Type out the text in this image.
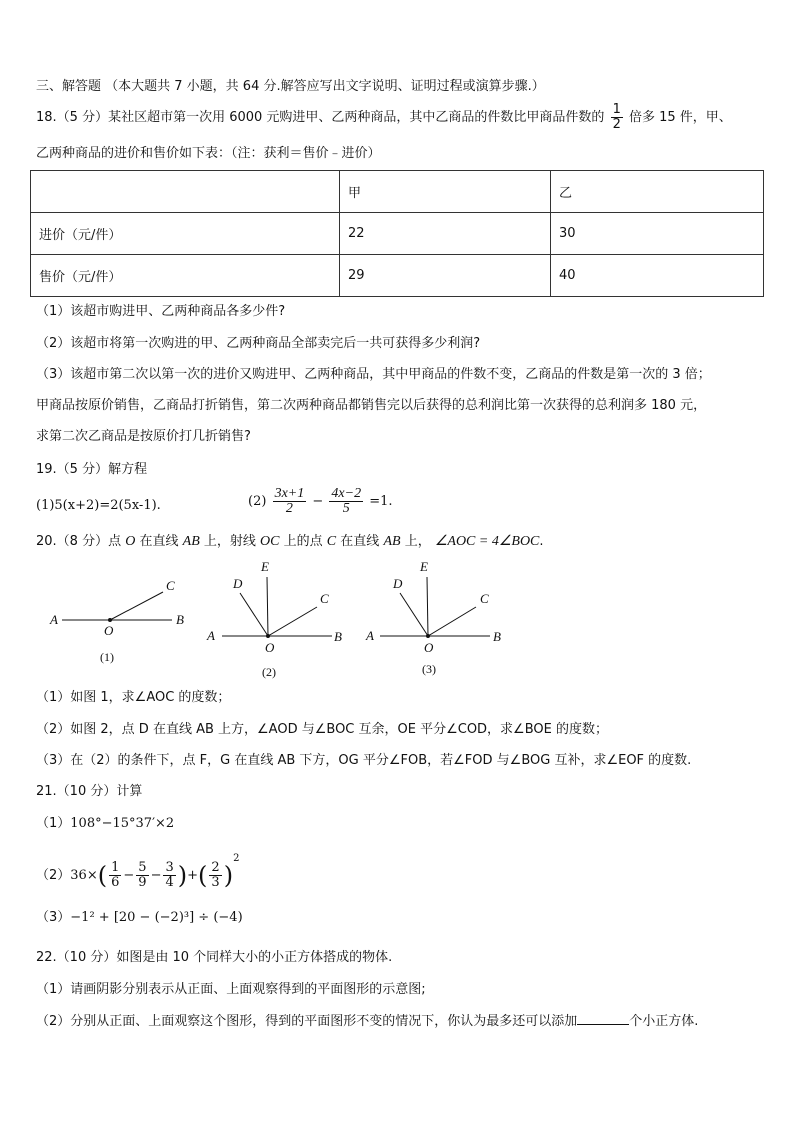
三、解答题 （本大题共 7 小题，共 64 分.解答应写出文字说明、证明过程或演算步骤.）
18.（5 分）某社区超市第一次用 6000 元购进甲、乙两种商品，其中乙商品的件数比甲商品件数的 $\frac{1}{2}$ 倍多 15 件，甲、
乙两种商品的进价和售价如下表：（注：获利＝售价﹣进价）
	甲	乙
进价（元/件）	22	30
售价（元/件）	29	40
（1）该超市购进甲、乙两种商品各多少件?
（2）该超市将第一次购进的甲、乙两种商品全部卖完后一共可获得多少利润?
（3）该超市第二次以第一次的进价又购进甲、乙两种商品，其中甲商品的件数不变，乙商品的件数是第一次的 3 倍；
甲商品按原价销售，乙商品打折销售，第二次两种商品都销售完以后获得的总利润比第一次获得的总利润多 180 元，
求第二次乙商品是按原价打几折销售?
19.（5 分）解方程
(1)5(x+2)=2(5x-1).	$(2) \frac{3x+1}{2} - \frac{4x-2}{5} =1$.
20.（8 分）点 O 在直线 AB 上，射线 OC 上的点 C 在直线 AB 上， ∠AOC = 4∠BOC.
A	B
C
O
(1)
A	B
D
E
C
O
(2)
A	B
D
E
C
O
(3)
（1）如图 1，求∠AOC 的度数；
（2）如图 2，点 D 在直线 AB 上方，∠AOD 与∠BOC 互余，OE 平分∠COD，求∠BOE 的度数；
（3）在（2）的条件下，点 F，G 在直线 AB 下方，OG 平分∠FOB，若∠FOD 与∠BOG 互补，求∠EOF 的度数.
21.（10 分）计算
（1）108°−15°37′×2
$(2)36\times( \frac{1}{6} - \frac{5}{9} - \frac{3}{4}$ )+( $\frac{2}{3} )^2$
（3）−1² + [20 − (−2)³] ÷ (−4)
22.（10 分）如图是由 10 个同样大小的小正方体搭成的物体.
（1）请画阴影分别表示从正面、上面观察得到的平面图形的示意图;
（2）分别从正面、上面观察这个图形，得到的平面图形不变的情况下，你认为最多还可以添加	个小正方体.
